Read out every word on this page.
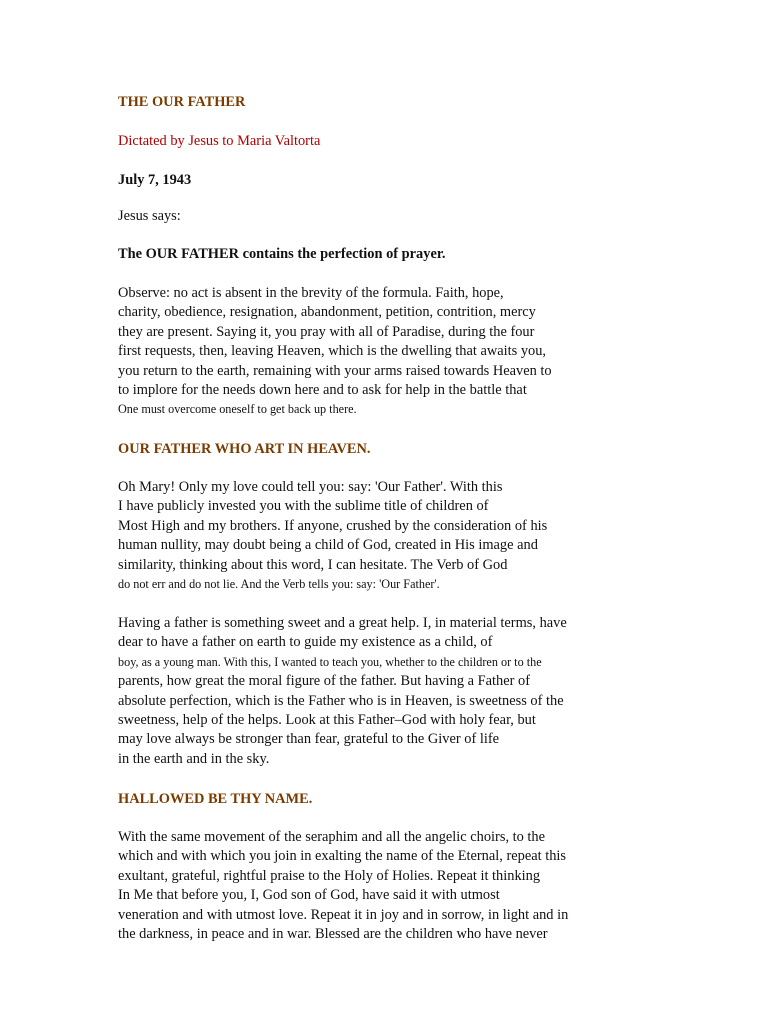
THE OUR FATHER
Dictated by Jesus to Maria Valtorta
July 7, 1943
Jesus says:
The OUR FATHER contains the perfection of prayer.
Observe: no act is absent in the brevity of the formula. Faith, hope,
charity, obedience, resignation, abandonment, petition, contrition, mercy
they are present. Saying it, you pray with all of Paradise, during the four
first requests, then, leaving Heaven, which is the dwelling that awaits you,
you return to the earth, remaining with your arms raised towards Heaven to
to implore for the needs down here and to ask for help in the battle that
One must overcome oneself to get back up there.
OUR FATHER WHO ART IN HEAVEN.
Oh Mary! Only my love could tell you: say: 'Our Father'. With this
I have publicly invested you with the sublime title of children of
Most High and my brothers. If anyone, crushed by the consideration of his
human nullity, may doubt being a child of God, created in His image and
similarity, thinking about this word, I can hesitate. The Verb of God
do not err and do not lie. And the Verb tells you: say: 'Our Father'.
Having a father is something sweet and a great help. I, in material terms, have
dear to have a father on earth to guide my existence as a child, of
boy, as a young man. With this, I wanted to teach you, whether to the children or to the
parents, how great the moral figure of the father. But having a Father of
absolute perfection, which is the Father who is in Heaven, is sweetness of the
sweetness, help of the helps. Look at this Father–God with holy fear, but
may love always be stronger than fear, grateful to the Giver of life
in the earth and in the sky.
HALLOWED BE THY NAME.
With the same movement of the seraphim and all the angelic choirs, to the
which and with which you join in exalting the name of the Eternal, repeat this
exultant, grateful, rightful praise to the Holy of Holies. Repeat it thinking
In Me that before you, I, God son of God, have said it with utmost
veneration and with utmost love. Repeat it in joy and in sorrow, in light and in
the darkness, in peace and in war. Blessed are the children who have never
